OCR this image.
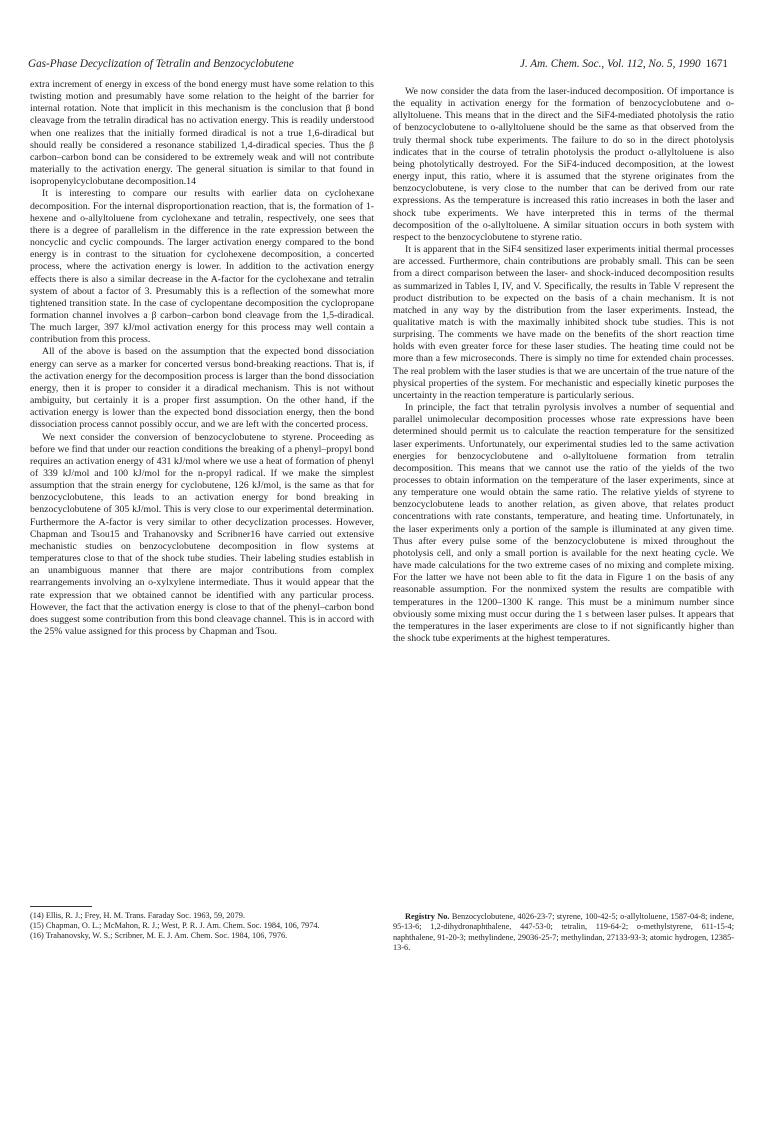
Gas-Phase Decyclization of Tetralin and Benzocyclobutene	J. Am. Chem. Soc., Vol. 112, No. 5, 1990 1671

extra increment of energy in excess of the bond energy must have some relation to this twisting motion and presumably have some relation to the height of the barrier for internal rotation. Note that implicit in this mechanism is the conclusion that β bond cleavage from the tetralin diradical has no activation energy. This is readily understood when one realizes that the initially formed diradical is not a true 1,6-diradical but should really be considered a resonance stabilized 1,4-diradical species. Thus the β carbon–carbon bond can be considered to be extremely weak and will not contribute materially to the activation energy. The general situation is similar to that found in isopropenylcyclobutane decomposition.14

It is interesting to compare our results with earlier data on cyclohexane decomposition. For the internal disproportionation reaction, that is, the formation of 1-hexene and o-allyltoluene from cyclohexane and tetralin, respectively, one sees that there is a degree of parallelism in the difference in the rate expression between the noncyclic and cyclic compounds. The larger activation energy compared to the bond energy is in contrast to the situation for cyclohexene decomposition, a concerted process, where the activation energy is lower. In addition to the activation energy effects there is also a similar decrease in the A-factor for the cyclohexane and tetralin system of about a factor of 3. Presumably this is a reflection of the somewhat more tightened transition state. In the case of cyclopentane decomposition the cyclopropane formation channel involves a β carbon–carbon bond cleavage from the 1,5-diradical. The much larger, 397 kJ/mol activation energy for this process may well contain a contribution from this process.

All of the above is based on the assumption that the expected bond dissociation energy can serve as a marker for concerted versus bond-breaking reactions. That is, if the activation energy for the decomposition process is larger than the bond dissociation energy, then it is proper to consider it a diradical mechanism. This is not without ambiguity, but certainly it is a proper first assumption. On the other hand, if the activation energy is lower than the expected bond dissociation energy, then the bond dissociation process cannot possibly occur, and we are left with the concerted process.

We next consider the conversion of benzocyclobutene to styrene. Proceeding as before we find that under our reaction conditions the breaking of a phenyl–propyl bond requires an activation energy of 431 kJ/mol where we use a heat of formation of phenyl of 339 kJ/mol and 100 kJ/mol for the n-propyl radical. If we make the simplest assumption that the strain energy for cyclobutene, 126 kJ/mol, is the same as that for benzocyclobutene, this leads to an activation energy for bond breaking in benzocyclobutene of 305 kJ/mol. This is very close to our experimental determination. Furthermore the A-factor is very similar to other decyclization processes. However, Chapman and Tsou15 and Trahanovsky and Scribner16 have carried out extensive mechanistic studies on benzocyclobutene decomposition in flow systems at temperatures close to that of the shock tube studies. Their labeling studies establish in an unambiguous manner that there are major contributions from complex rearrangements involving an o-xylxylene intermediate. Thus it would appear that the rate expression that we obtained cannot be identified with any particular process. However, the fact that the activation energy is close to that of the phenyl–carbon bond does suggest some contribution from this bond cleavage channel. This is in accord with the 25% value assigned for this process by Chapman and Tsou.

(14) Ellis, R. J.; Frey, H. M. Trans. Faraday Soc. 1963, 59, 2079.
(15) Chapman, O. L.; McMahon, R. J.; West, P. R. J. Am. Chem. Soc. 1984, 106, 7974.
(16) Trahanovsky, W. S.; Scribner, M. E. J. Am. Chem. Soc. 1984, 106, 7976.

We now consider the data from the laser-induced decomposition. Of importance is the equality in activation energy for the formation of benzocyclobutene and o-allyltoluene. This means that in the direct and the SiF4-mediated photolysis the ratio of benzocyclobutene to o-allyltoluene should be the same as that observed from the truly thermal shock tube experiments. The failure to do so in the direct photolysis indicates that in the course of tetralin photolysis the product o-allyltoluene is also being photolytically destroyed. For the SiF4-induced decomposition, at the lowest energy input, this ratio, where it is assumed that the styrene originates from the benzocyclobutene, is very close to the number that can be derived from our rate expressions. As the temperature is increased this ratio increases in both the laser and shock tube experiments. We have interpreted this in terms of the thermal decomposition of the o-allyltoluene. A similar situation occurs in both system with respect to the benzocyclobutene to styrene ratio.

It is apparent that in the SiF4 sensitized laser experiments initial thermal processes are accessed. Furthermore, chain contributions are probably small. This can be seen from a direct comparison between the laser- and shock-induced decomposition results as summarized in Tables I, IV, and V. Specifically, the results in Table V represent the product distribution to be expected on the basis of a chain mechanism. It is not matched in any way by the distribution from the laser experiments. Instead, the qualitative match is with the maximally inhibited shock tube studies. This is not surprising. The comments we have made on the benefits of the short reaction time holds with even greater force for these laser studies. The heating time could not be more than a few microseconds. There is simply no time for extended chain processes. The real problem with the laser studies is that we are uncertain of the true nature of the physical properties of the system. For mechanistic and especially kinetic purposes the uncertainty in the reaction temperature is particularly serious.

In principle, the fact that tetralin pyrolysis involves a number of sequential and parallel unimolecular decomposition processes whose rate expressions have been determined should permit us to calculate the reaction temperature for the sensitized laser experiments. Unfortunately, our experimental studies led to the same activation energies for benzocyclobutene and o-allyltoluene formation from tetralin decomposition. This means that we cannot use the ratio of the yields of the two processes to obtain information on the temperature of the laser experiments, since at any temperature one would obtain the same ratio. The relative yields of styrene to benzocyclobutene leads to another relation, as given above, that relates product concentrations with rate constants, temperature, and heating time. Unfortunately, in the laser experiments only a portion of the sample is illuminated at any given time. Thus after every pulse some of the benzocyclobutene is mixed throughout the photolysis cell, and only a small portion is available for the next heating cycle. We have made calculations for the two extreme cases of no mixing and complete mixing. For the latter we have not been able to fit the data in Figure 1 on the basis of any reasonable assumption. For the nonmixed system the results are compatible with temperatures in the 1200–1300 K range. This must be a minimum number since obviously some mixing must occur during the 1 s between laser pulses. It appears that the temperatures in the laser experiments are close to if not significantly higher than the shock tube experiments at the highest temperatures.

Registry No. Benzocyclobutene, 4026-23-7; styrene, 100-42-5; o-allyltoluene, 1587-04-8; indene, 95-13-6; 1,2-dihydronaphthalene, 447-53-0; tetralin, 119-64-2; o-methylstyrene, 611-15-4; naphthalene, 91-20-3; methylindene, 29036-25-7; methylindan, 27133-93-3; atomic hydrogen, 12385-13-6.
